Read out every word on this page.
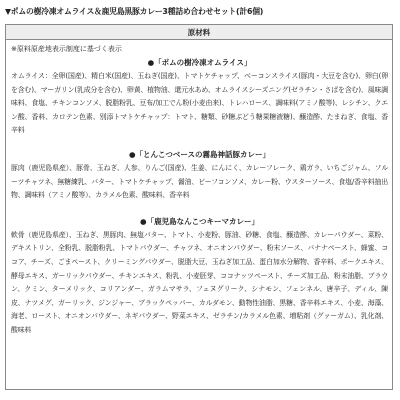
▼ポムの樹冷凍オムライス＆鹿児島黒豚カレー3種詰め合わせセット(計6個)
原材料
※原料原産地表示制度に基づく表示
●「ポムの樹冷凍オムライス」
オムライス：全卵(国産)、精白米(国産)、玉ねぎ(国産)、トマトケチャップ、ベーコンスライス(豚肉・大豆を含む)、卵白(卵を含む)、マーガリン(乳成分を含む)、卵黄、植物油、還元水あめ、オムライスシーズニング(ゼラチン・さばを含む)、風味調味料、食塩、チキンコンソメ、脱脂粉乳、豆布/加工でん粉(小麦由来)、トレハロース、調味料(アミノ酸等)、レシチン、クエン酸、香料、カロテン色素、別添トマトケチャップ：トマト、糖類、砂糖ぶどう糖果糖液糖)、醸造酢、たまねぎ、食塩、香辛料
●「とんこつベースの霧島神話豚カレー」
豚肉（鹿児島県産）、豚骨、玉ねぎ、人参、りんご(国産)、生姜、にんにく、カレーフレーク、鶏ガラ、いちごジャム、フルーツチャツネ、無糖練乳、バター、トマトケチャップ、醤油、ビーフコンソメ、カレー粉、ウスターソース、食塩/香辛料抽出物、調味料（アミノ酸等）、カラメル色素、酸味料、香辛料
●「鹿児島なんこつキーマカレー」
軟骨（鹿児島県産）、玉ねぎ、黒豚肉、無塩バター、トマト、小麦粉、豚油、砂糖、食塩、醸造酢、カレーパウダー、菜粉、デキストリン、全粉乳、脱脂粉乳、トマトパウダー、チャツネ、オニオンパウダー、粉末ソース、バナナペースト、蜂蜜、ココア、チーズ、ごまペースト、クリーミングパウダー、脱脂大豆、玉ねぎ加工品、蛋白加水分解物、香辛料、ポークエキス、酵母エキス、ガーリックパウダー、チキンエキス、粉乳、小麦胚芽、ココナッツペースト、チーズ加工品、粉末油脂、ブラウン、クミン、ターメリック、コリアンダー、ガラムマサラ、フェヌグリーク、シナモン、フェンネル、唐辛子、ディル、陳皮、ナツメグ、ガーリック、ジンジャー、ブラックペッパー、カルダモン、動物性油脂、黒糖、香辛料エキス、小麦、海藻、海老、ロースト、オニオンパウダー、ネギパウダー、野菜エキス、ゼラチン/カラメル色素、増粘剤（グァーガム）、乳化剤、酸味料
